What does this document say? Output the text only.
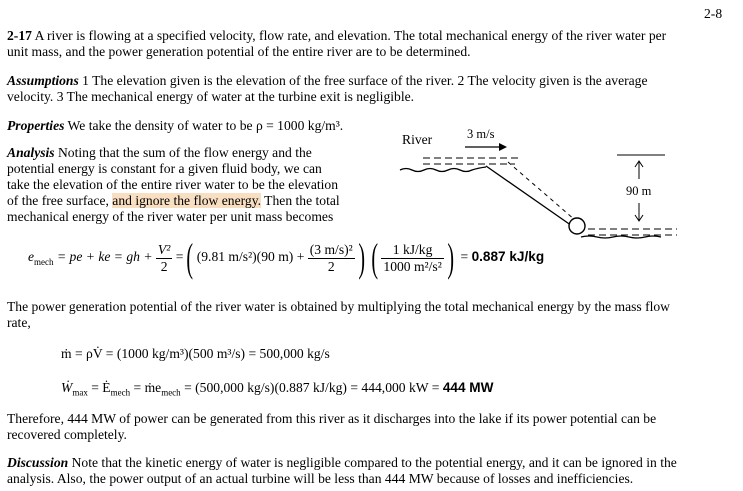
2-8
2-17 A river is flowing at a specified velocity, flow rate, and elevation. The total mechanical energy of the river water per
unit mass, and the power generation potential of the entire river are to be determined.
Assumptions 1 The elevation given is the elevation of the free surface of the river. 2 The velocity given is the average
velocity. 3 The mechanical energy of water at the turbine exit is negligible.
Properties We take the density of water to be ρ = 1000 kg/m³.
Analysis Noting that the sum of the flow energy and the
potential energy is constant for a given fluid body, we can
take the elevation of the entire river water to be the elevation
of the free surface, and ignore the flow energy. Then the total
mechanical energy of the river water per unit mass becomes
River	3 m/s
90 m
$e_{mech}$ = pe + ke = gh + $\frac{\text{V²}}{2}$ =( (9.81 m/s²)(90 $m) + \frac{\text{(3 m/s)²}}{2}$ ) ( $\frac{1 kJ/kg}{\text{1000 m²/s²}}$ ) = 0.887 kJ/kg
The power generation potential of the river water is obtained by multiplying the total mechanical energy by the mass flow
rate,
ṁ = ρV̇ = (1000 kg/m³)(500 m³/s) = 500,000 kg/s
Ẇ$_{max}$ = $Ė_{mech}$ = ṁe$_{mech}$ = (500,000 kg/s)(0.887 kJ/kg) = 444,000 kW = 444 MW
Therefore, 444 MW of power can be generated from this river as it discharges into the lake if its power potential can be
recovered completely.
Discussion Note that the kinetic energy of water is negligible compared to the potential energy, and it can be ignored in the
analysis. Also, the power output of an actual turbine will be less than 444 MW because of losses and inefficiencies.
